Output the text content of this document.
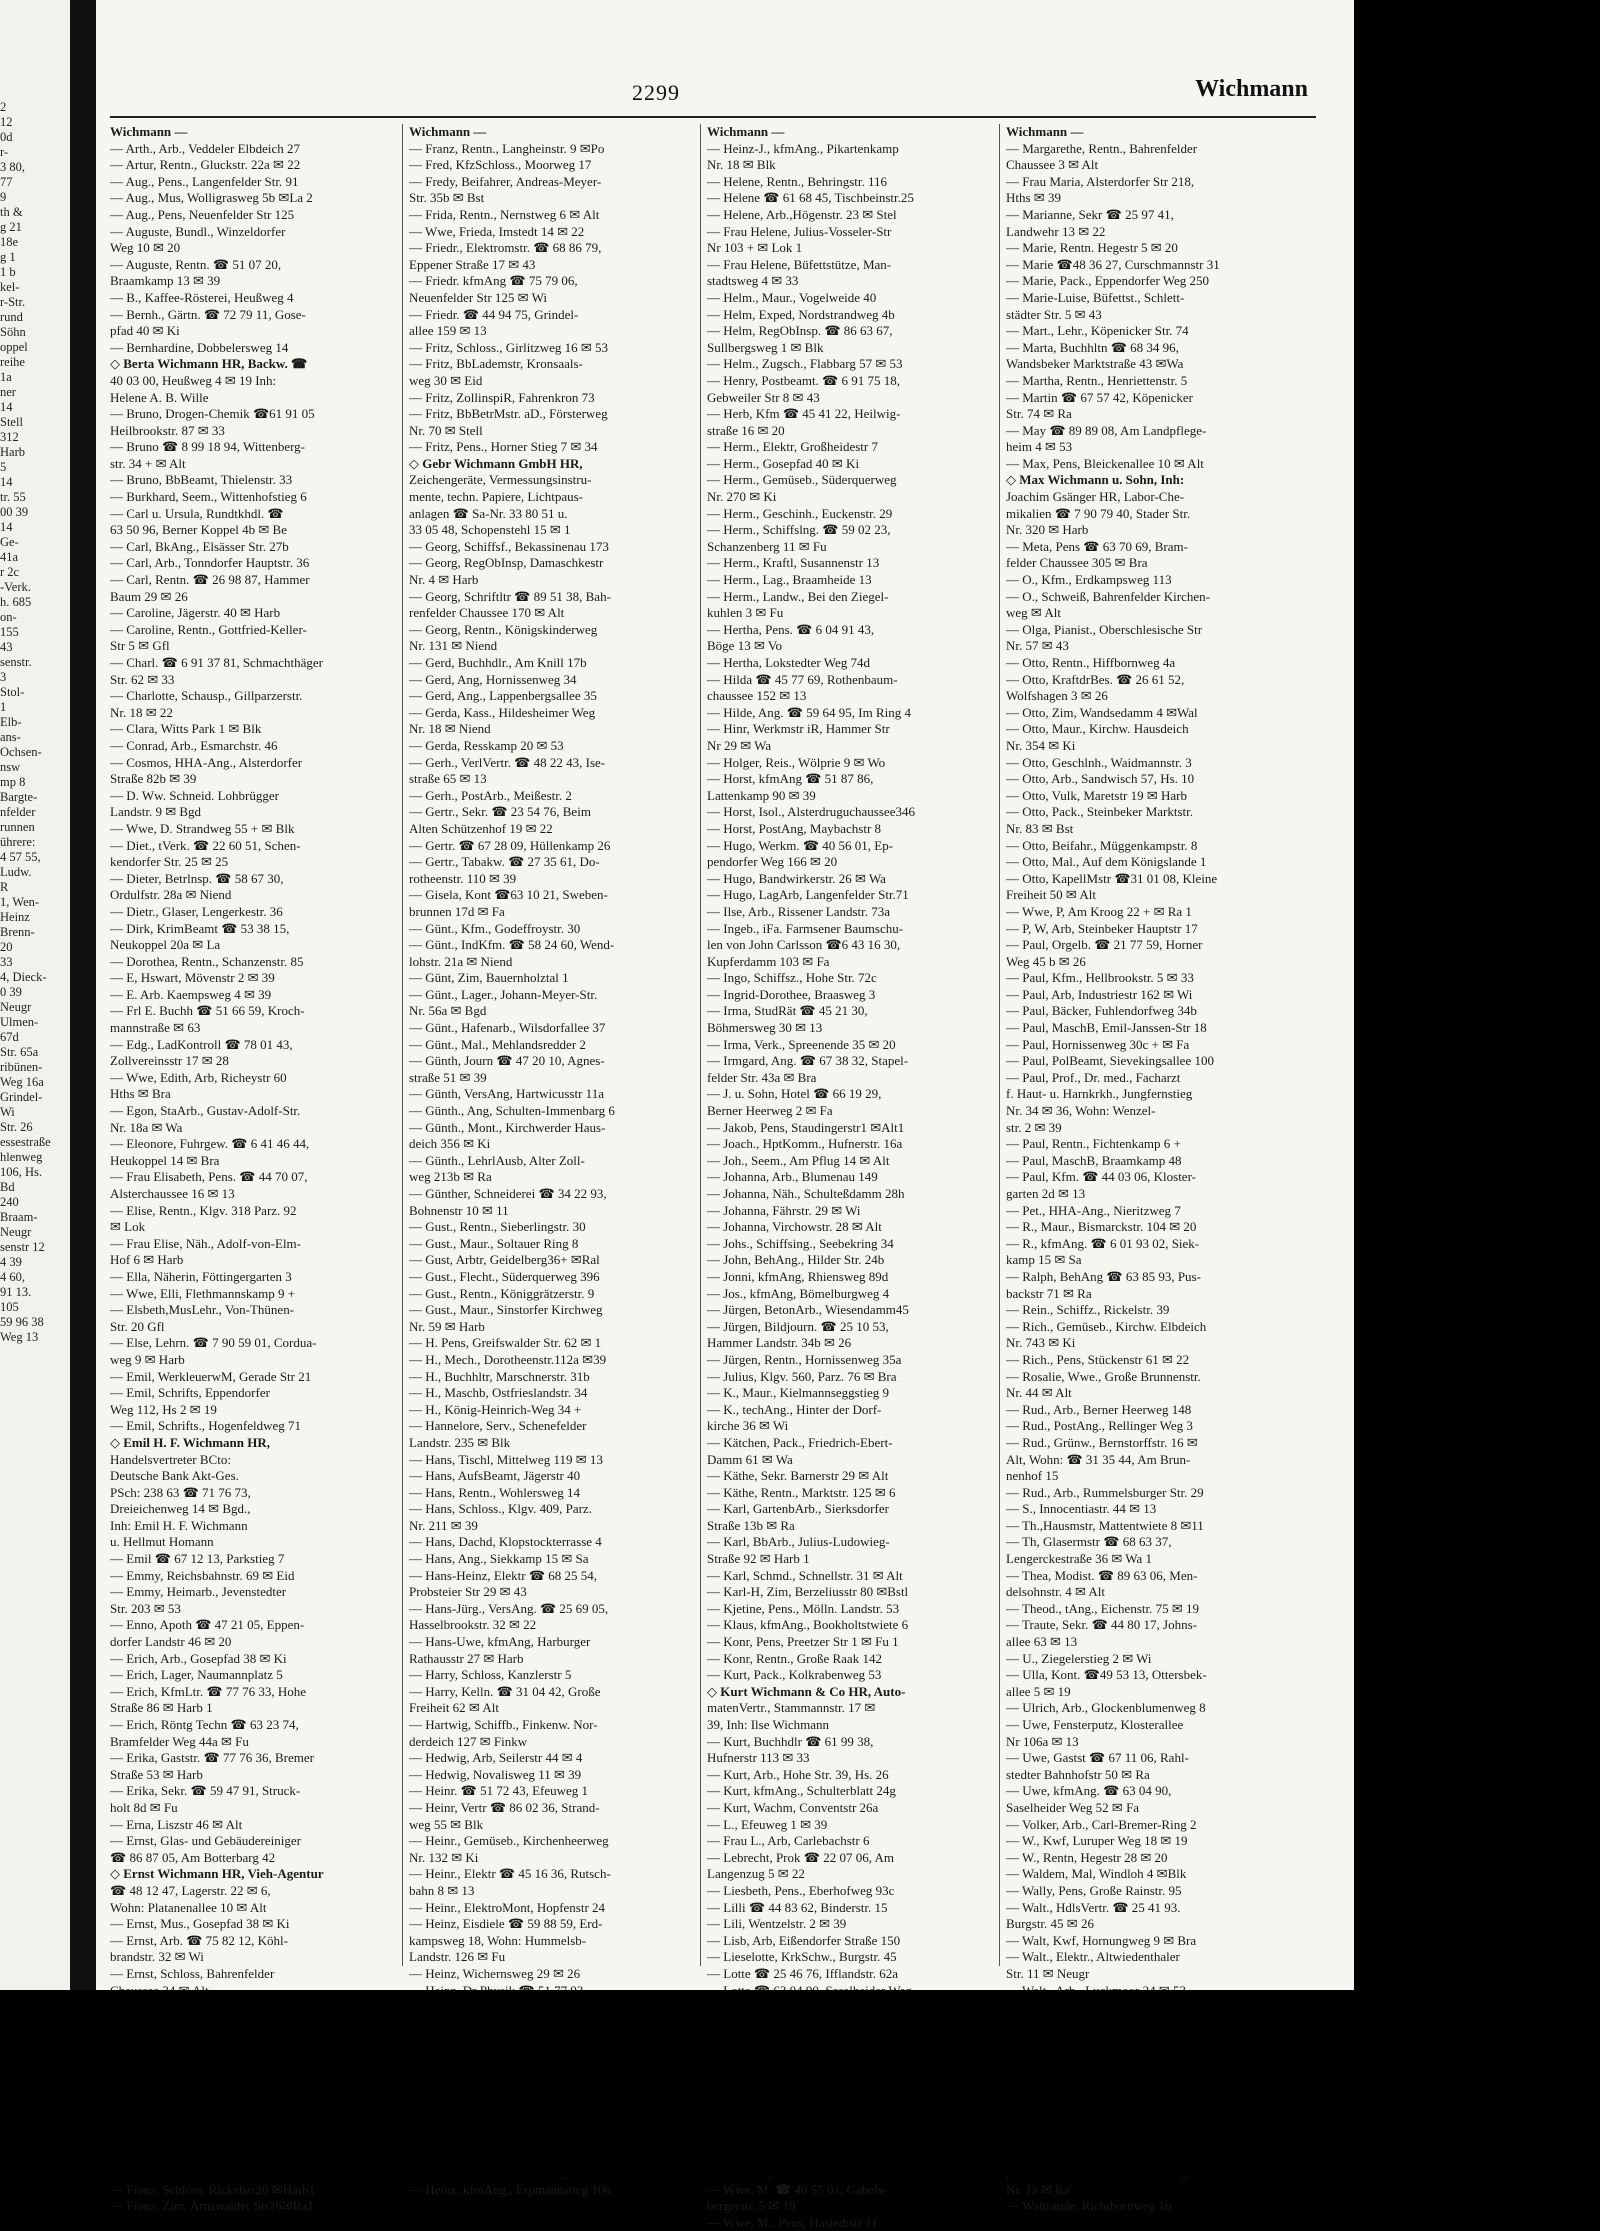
2
12
0d
r-
3 80,
77
9
th &
g 21
18e
g 1
1 b
kel-
r-Str.
rund
Söhn
oppel
reihe
1a
ner
14
Stell
312
Harb
5
14
tr. 55
00 39
14
Ge-
41a
r 2c
-Verk.
h. 685
on-
155
43
senstr.
3
Stol-
1
Elb-
ans-
Ochsen-
nsw
mp 8
Bargte-
nfelder
runnen
ührere:
4 57 55,
Ludw.
R
1, Wen-
Heinz
Brenn-
20
33
4, Dieck-
0 39
Neugr
Ulmen-
67d
Str. 65a
ribünen-
Weg 16a
Grindel-
Wi
Str. 26
essestraße
hlenweg
106, Hs.
Bd
240
Braam-
Neugr
senstr 12
4 39
4 60,
91 13.
105
59 96 38
Weg 13
2299	Wichmann
Wichmann —
— Arth., Arb., Veddeler Elbdeich 27
— Artur, Rentn., Gluckstr. 22a ✉ 22
— Aug., Pens., Langenfelder Str. 91
— Aug., Mus, Wolligrasweg 5b ✉La 2
— Aug., Pens, Neuenfelder Str 125
— Auguste, Bundl., Winzeldorfer
Weg 10 ✉ 20
— Auguste, Rentn. ☎ 51 07 20,
Braamkamp 13 ✉ 39
— B., Kaffee-Rösterei, Heußweg 4
— Bernh., Gärtn. ☎ 72 79 11, Gose-
pfad 40 ✉ Ki
— Bernhardine, Dobbelersweg 14
◇ Berta Wichmann HR, Backw. ☎
40 03 00, Heußweg 4 ✉ 19 Inh:
Helene A. B. Wille
— Bruno, Drogen-Chemik ☎61 91 05
Heilbrookstr. 87 ✉ 33
— Bruno ☎ 8 99 18 94, Wittenberg-
str. 34 + ✉ Alt
— Bruno, BbBeamt, Thielenstr. 33
— Burkhard, Seem., Wittenhofstieg 6
— Carl u. Ursula, Rundtkhdl. ☎
63 50 96, Berner Koppel 4b ✉ Be
— Carl, BkAng., Elsässer Str. 27b
— Carl, Arb., Tonndorfer Hauptstr. 36
— Carl, Rentn. ☎ 26 98 87, Hammer
Baum 29 ✉ 26
— Caroline, Jägerstr. 40 ✉ Harb
— Caroline, Rentn., Gottfried-Keller-
Str 5 ✉ Gfl
— Charl. ☎ 6 91 37 81, Schmachthäger
Str. 62 ✉ 33
— Charlotte, Schausp., Gillparzerstr.
Nr. 18 ✉ 22
— Clara, Witts Park 1 ✉ Blk
— Conrad, Arb., Esmarchstr. 46
— Cosmos, HHA-Ang., Alsterdorfer
Straße 82b ✉ 39
— D. Ww. Schneid. Lohbrügger
Landstr. 9 ✉ Bgd
— Wwe, D. Strandweg 55 + ✉ Blk
— Diet., tVerk. ☎ 22 60 51, Schen-
kendorfer Str. 25 ✉ 25
— Dieter, Betrlnsp. ☎ 58 67 30,
Ordulfstr. 28a ✉ Niend
— Dietr., Glaser, Lengerkestr. 36
— Dirk, KrimBeamt ☎ 53 38 15,
Neukoppel 20a ✉ La
— Dorothea, Rentn., Schanzenstr. 85
— E, Hswart, Mövenstr 2 ✉ 39
— E. Arb. Kaempsweg 4 ✉ 39
— Frl E. Buchh ☎ 51 66 59, Kroch-
mannstraße ✉ 63
— Edg., LadKontroll ☎ 78 01 43,
Zollvereinsstr 17 ✉ 28
— Wwe, Edith, Arb, Richeystr 60
Hths ✉ Bra
— Egon, StaArb., Gustav-Adolf-Str.
Nr. 18a ✉ Wa
— Eleonore, Fuhrgew. ☎ 6 41 46 44,
Heukoppel 14 ✉ Bra
— Frau Elisabeth, Pens. ☎ 44 70 07,
Alsterchaussee 16 ✉ 13
— Elise, Rentn., Klgv. 318 Parz. 92
✉ Lok
— Frau Elise, Näh., Adolf-von-Elm-
Hof 6 ✉ Harb
— Ella, Näherin, Föttingergarten 3
— Wwe, Elli, Flethmannskamp 9 +
— Elsbeth,MusLehr., Von-Thünen-
Str. 20 Gfl
— Else, Lehrn. ☎ 7 90 59 01, Cordua-
weg 9 ✉ Harb
— Emil, WerkleuerwM, Gerade Str 21
— Emil, Schrifts, Eppendorfer
Weg 112, Hs 2 ✉ 19
— Emil, Schrifts., Hogenfeldweg 71
◇ Emil H. F. Wichmann HR,
Handelsvertreter BCto:
Deutsche Bank Akt-Ges.
PSch: 238 63 ☎ 71 76 73,
Dreieichenweg 14 ✉ Bgd.,
Inh: Emil H. F. Wichmann
u. Hellmut Homann
— Emil ☎ 67 12 13, Parkstieg 7
— Emmy, Reichsbahnstr. 69 ✉ Eid
— Emmy, Heimarb., Jevenstedter
Str. 203 ✉ 53
— Enno, Apoth ☎ 47 21 05, Eppen-
dorfer Landstr 46 ✉ 20
— Erich, Arb., Gosepfad 38 ✉ Ki
— Erich, Lager, Naumannplatz 5
— Erich, KfmLtr. ☎ 77 76 33, Hohe
Straße 86 ✉ Harb 1
— Erich, Röntg Techn ☎ 63 23 74,
Bramfelder Weg 44a ✉ Fu
— Erika, Gaststr. ☎ 77 76 36, Bremer
Straße 53 ✉ Harb
— Erika, Sekr. ☎ 59 47 91, Struck-
holt 8d ✉ Fu
— Erna, Liszstr 46 ✉ Alt
— Ernst, Glas- und Gebäudereiniger
☎ 86 87 05, Am Botterbarg 42
◇ Ernst Wichmann HR, Vieh-Agentur
☎ 48 12 47, Lagerstr. 22 ✉ 6,
Wohn: Platanenallee 10 ✉ Alt
— Ernst, Mus., Gosepfad 38 ✉ Ki
— Ernst, Arb. ☎ 75 82 12, Köhl-
brandstr. 32 ✉ Wi
— Ernst, Schloss, Bahrenfelder
— Franz, Schloss, Rickelstr20 ✉Harb1
— Franz, Zim, Arnswalder Str26✉Ra1
Wichmann —
— Franz, Rentn., Langheinstr. 9 ✉Po
— Fred, KfzSchloss., Moorweg 17
— Fredy, Beifahrer, Andreas-Meyer-
Str. 35b ✉ Bst
— Frida, Rentn., Nernstweg 6 ✉ Alt
— Wwe, Frieda, Imstedt 14 ✉ 22
— Friedr., Elektromstr. ☎ 68 86 79,
Eppener Straße 17 ✉ 43
— Friedr. kfmAng ☎ 75 79 06,
Neuenfelder Str 125 ✉ Wi
— Friedr. ☎ 44 94 75, Grindel-
allee 159 ✉ 13
— Fritz, Schloss., Girlitzweg 16 ✉ 53
— Fritz, BbLademstr, Kronsaals-
weg 30 ✉ Eid
— Fritz, ZollinspiR, Fahrenkron 73
— Fritz, BbBetrMstr. aD., Försterweg
Nr. 70 ✉ Stell
— Fritz, Pens., Horner Stieg 7 ✉ 34
◇ Gebr Wichmann GmbH HR,
Zeichengeräte, Vermessungsinstru-
mente, techn. Papiere, Lichtpaus-
anlagen ☎ Sa-Nr. 33 80 51 u.
33 05 48, Schopenstehl 15 ✉ 1
— Georg, Schiffsf., Bekassinenau 173
— Georg, RegObInsp, Damaschkestr
Nr. 4 ✉ Harb
— Georg, Schriftltr ☎ 89 51 38, Bah-
renfelder Chaussee 170 ✉ Alt
— Georg, Rentn., Königskinderweg
Nr. 131 ✉ Niend
— Gerd, Buchhdlr., Am Knill 17b
— Gerd, Ang, Hornissenweg 34
— Gerd, Ang., Lappenbergsallee 35
— Gerda, Kass., Hildesheimer Weg
Nr. 18 ✉ Niend
— Gerda, Resskamp 20 ✉ 53
— Gerh., VerlVertr. ☎ 48 22 43, Ise-
straße 65 ✉ 13
— Gerh., PostArb., Meißestr. 2
— Gertr., Sekr. ☎ 23 54 76, Beim
Alten Schützenhof 19 ✉ 22
— Gertr. ☎ 67 28 09, Hüllenkamp 26
— Gertr., Tabakw. ☎ 27 35 61, Do-
rotheenstr. 110 ✉ 39
— Gisela, Kont ☎63 10 21, Sweben-
brunnen 17d ✉ Fa
— Günt., Kfm., Godeffroystr. 30
— Günt., IndKfm. ☎ 58 24 60, Wend-
lohstr. 21a ✉ Niend
— Günt, Zim, Bauernholztal 1
— Günt., Lager., Johann-Meyer-Str.
Nr. 56a ✉ Bgd
— Günt., Hafenarb., Wilsdorfallee 37
— Günt., Mal., Mehlandsredder 2
— Günth, Journ ☎ 47 20 10, Agnes-
straße 51 ✉ 39
— Günth, VersAng, Hartwicusstr 11a
— Günth., Ang, Schulten-Immenbarg 6
— Günth., Mont., Kirchwerder Haus-
deich 356 ✉ Ki
— Günth., LehrlAusb, Alter Zoll-
weg 213b ✉ Ra
— Günther, Schneiderei ☎ 34 22 93,
Bohnenstr 10 ✉ 11
— Gust., Rentn., Sieberlingstr. 30
— Gust., Maur., Soltauer Ring 8
— Gust, Arbtr, Geidelberg36+ ✉Ral
— Gust., Flecht., Süderquerweg 396
— Gust., Rentn., Königgrätzerstr. 9
— Gust., Maur., Sinstorfer Kirchweg
Nr. 59 ✉ Harb
— H. Pens, Greifswalder Str. 62 ✉ 1
— H., Mech., Dorotheenstr.112a ✉39
— H., Buchhltr, Marschnerstr. 31b
— H., Maschb, Ostfrieslandstr. 34
— H., König-Heinrich-Weg 34 +
— Hannelore, Serv., Schenefelder
Landstr. 235 ✉ Blk
— Hans, Tischl, Mittelweg 119 ✉ 13
— Hans, AufsBeamt, Jägerstr 40
— Hans, Rentn., Wohlersweg 14
— Hans, Schloss., Klgv. 409, Parz.
Nr. 211 ✉ 39
— Hans, Dachd, Klopstockterrasse 4
— Hans, Ang., Siekkamp 15 ✉ Sa
— Hans-Heinz, Elektr ☎ 68 25 54,
Probsteier Str 29 ✉ 43
— Hans-Jürg., VersAng. ☎ 25 69 05,
Hasselbrookstr. 32 ✉ 22
— Hans-Uwe, kfmAng, Harburger
Rathausstr 27 ✉ Harb
— Harry, Schloss, Kanzlerstr 5
— Harry, Kelln. ☎ 31 04 42, Große
Freiheit 62 ✉ Alt
— Hartwig, Schiffb., Finkenw. Nor-
derdeich 127 ✉ Finkw
— Hedwig, Arb, Seilerstr 44 ✉ 4
— Hedwig, Novalisweg 11 ✉ 39
— Heinr. ☎ 51 72 43, Efeuweg 1
— Heinr, Vertr ☎ 86 02 36, Strand-
weg 55 ✉ Blk
— Heinr., Gemüseb., Kirchenheerweg
Nr. 132 ✉ Ki
— Heinr., Elektr ☎ 45 16 36, Rutsch-
bahn 8 ✉ 13
— Heinr., ElektroMont, Hopfenstr 24
— Heinz, Eisdiele ☎ 59 88 59, Erd-
kampsweg 18, Wohn: Hummelsb-
Landstr. 126 ✉ Fu
— Heinz, Wichernsweg 29 ✉ 26
— Heinz, kfmAng., Erpmannstieg 10b
Wichmann —
— Heinz-J., kfmAng., Pikartenkamp
Nr. 18 ✉ Blk
— Helene, Rentn., Behringstr. 116
— Helene ☎ 61 68 45, Tischbeinstr.25
— Helene, Arb.,Högenstr. 23 ✉ Stel
— Frau Helene, Julius-Vosseler-Str
Nr 103 + ✉ Lok 1
— Frau Helene, Büfettstütze, Man-
stadtsweg 4 ✉ 33
— Helm., Maur., Vogelweide 40
— Helm, Exped, Nordstrandweg 4b
— Helm, RegObInsp. ☎ 86 63 67,
Sullbergsweg 1 ✉ Blk
— Helm., Zugsch., Flabbarg 57 ✉ 53
— Henry, Postbeamt. ☎ 6 91 75 18,
Gebweiler Str 8 ✉ 43
— Herb, Kfm ☎ 45 41 22, Heilwig-
straße 16 ✉ 20
— Herm., Elektr, Großheidestr 7
— Herm., Gosepfad 40 ✉ Ki
— Herm., Gemüseb., Süderquerweg
Nr. 270 ✉ Ki
— Herm., Geschinh., Euckenstr. 29
— Herm., Schiffslng. ☎ 59 02 23,
Schanzenberg 11 ✉ Fu
— Herm., Kraftl, Susannenstr 13
— Herm., Lag., Braamheide 13
— Herm., Landw., Bei den Ziegel-
kuhlen 3 ✉ Fu
— Hertha, Pens. ☎ 6 04 91 43,
Böge 13 ✉ Vo
— Hertha, Lokstedter Weg 74d
— Hilda ☎ 45 77 69, Rothenbaum-
chaussee 152 ✉ 13
— Hilde, Ang. ☎ 59 64 95, Im Ring 4
— Hinr, Werkmstr iR, Hammer Str
Nr 29 ✉ Wa
— Holger, Reis., Wölprie 9 ✉ Wo
— Horst, kfmAng ☎ 51 87 86,
Lattenkamp 90 ✉ 39
— Horst, Isol., Alsterdruguchaussee346
— Horst, PostAng, Maybachstr 8
— Hugo, Werkm. ☎ 40 56 01, Ep-
pendorfer Weg 166 ✉ 20
— Hugo, Bandwirkerstr. 26 ✉ Wa
— Hugo, LagArb, Langenfelder Str.71
— Ilse, Arb., Rissener Landstr. 73a
— Ingeb., iFa. Farmsener Baumschu-
len von John Carlsson ☎6 43 16 30,
Kupferdamm 103 ✉ Fa
— Ingo, Schiffsz., Hohe Str. 72c
— Ingrid-Dorothee, Braasweg 3
— Irma, StudRät ☎ 45 21 30,
Böhmersweg 30 ✉ 13
— Irma, Verk., Spreenende 35 ✉ 20
— Irmgard, Ang. ☎ 67 38 32, Stapel-
felder Str. 43a ✉ Bra
— J. u. Sohn, Hotel ☎ 66 19 29,
Berner Heerweg 2 ✉ Fa
— Jakob, Pens, Staudingerstr1 ✉Alt1
— Joach., HptKomm., Hufnerstr. 16a
— Joh., Seem., Am Pflug 14 ✉ Alt
— Johanna, Arb., Blumenau 149
— Johanna, Näh., Schulteßdamm 28h
— Johanna, Fährstr. 29 ✉ Wi
— Johanna, Virchowstr. 28 ✉ Alt
— Johs., Schiffsing., Seebekring 34
— John, BehAng., Hilder Str. 24b
— Jonni, kfmAng, Rhiensweg 89d
— Jos., kfmAng, Bömelburgweg 4
— Jürgen, BetonArb., Wiesendamm45
— Jürgen, Bildjourn. ☎ 25 10 53,
Hammer Landstr. 34b ✉ 26
— Jürgen, Rentn., Hornissenweg 35a
— Julius, Klgv. 560, Parz. 76 ✉ Bra
— K., Maur., Kielmannseggstieg 9
— K., techAng., Hinter der Dorf-
kirche 36 ✉ Wi
— Kätchen, Pack., Friedrich-Ebert-
Damm 61 ✉ Wa
— Käthe, Sekr. Barnerstr 29 ✉ Alt
— Käthe, Rentn., Marktstr. 125 ✉ 6
— Karl, GartenbArb., Sierksdorfer
Straße 13b ✉ Ra
— Karl, BbArb., Julius-Ludowieg-
Straße 92 ✉ Harb 1
— Karl, Schmd., Schnellstr. 31 ✉ Alt
— Karl-H, Zim, Berzeliusstr 80 ✉Bstl
— Kjetine, Pens., Mölln. Landstr. 53
— Klaus, kfmAng., Bookholtstwiete 6
— Konr, Pens, Preetzer Str 1 ✉ Fu 1
— Konr, Rentn., Große Raak 142
— Kurt, Pack., Kolkrabenweg 53
◇ Kurt Wichmann & Co HR, Auto-
matenVertr., Stammannstr. 17 ✉
39, Inh: Ilse Wichmann
— Kurt, Buchhdlr ☎ 61 99 38,
Hufnerstr 113 ✉ 33
— Kurt, Arb., Hohe Str. 39, Hs. 26
— Kurt, kfmAng., Schulterblatt 24g
— Kurt, Wachm, Conventstr 26a
— L., Efeuweg 1 ✉ 39
— Frau L., Arb, Carlebachstr 6
— Lebrecht, Prok ☎ 22 07 06, Am
Langenzug 5 ✉ 22
— Liesbeth, Pens., Eberhofweg 93c
— Lilli ☎ 44 83 62, Binderstr. 15
— Lili, Wentzelstr. 2 ✉ 39
— Lisb, Arb, Eißendorfer Straße 150
— Lieselotte, KrkSchw., Burgstr. 45
— Lotte ☎ 25 46 76, Ifflandstr. 62a
— Wwe, M. ☎ 40 55 01, Gabels-
bergerstr. 5 ✉ 19
— Wwe, M., Pens, Hastedtstr 11
Wichmann —
— Margarethe, Rentn., Bahrenfelder
Chaussee 3 ✉ Alt
— Frau Maria, Alsterdorfer Str 218,
Hths ✉ 39
— Marianne, Sekr ☎ 25 97 41,
Landwehr 13 ✉ 22
— Marie, Rentn. Hegestr 5 ✉ 20
— Marie ☎48 36 27, Curschmannstr 31
— Marie, Pack., Eppendorfer Weg 250
— Marie-Luise, Büfettst., Schlett-
städter Str. 5 ✉ 43
— Mart., Lehr., Köpenicker Str. 74
— Marta, Buchhltn ☎ 68 34 96,
Wandsbeker Marktstraße 43 ✉Wa
— Martha, Rentn., Henriettenstr. 5
— Martin ☎ 67 57 42, Köpenicker
Str. 74 ✉ Ra
— May ☎ 89 89 08, Am Landpflege-
heim 4 ✉ 53
— Max, Pens, Bleickenallee 10 ✉ Alt
◇ Max Wichmann u. Sohn, Inh:
Joachim Gsänger HR, Labor-Che-
mikalien ☎ 7 90 79 40, Stader Str.
Nr. 320 ✉ Harb
— Meta, Pens ☎ 63 70 69, Bram-
felder Chaussee 305 ✉ Bra
— O., Kfm., Erdkampsweg 113
— O., Schweiß, Bahrenfelder Kirchen-
weg ✉ Alt
— Olga, Pianist., Oberschlesische Str
Nr. 57 ✉ 43
— Otto, Rentn., Hiffbornweg 4a
— Otto, KraftdrBes. ☎ 26 61 52,
Wolfshagen 3 ✉ 26
— Otto, Zim, Wandsedamm 4 ✉Wal
— Otto, Maur., Kirchw. Hausdeich
Nr. 354 ✉ Ki
— Otto, Geschlnh., Waidmannstr. 3
— Otto, Arb., Sandwisch 57, Hs. 10
— Otto, Vulk, Maretstr 19 ✉ Harb
— Otto, Pack., Steinbeker Marktstr.
Nr. 83 ✉ Bst
— Otto, Beifahr., Müggenkampstr. 8
— Otto, Mal., Auf dem Königslande 1
— Otto, KapellMstr ☎31 01 08, Kleine
Freiheit 50 ✉ Alt
— Wwe, P, Am Kroog 22 + ✉ Ra 1
— P, W, Arb, Steinbeker Hauptstr 17
— Paul, Orgelb. ☎ 21 77 59, Horner
Weg 45 b ✉ 26
— Paul, Kfm., Hellbrookstr. 5 ✉ 33
— Paul, Arb, Industriestr 162 ✉ Wi
— Paul, Bäcker, Fuhlendorfweg 34b
— Paul, MaschB, Emil-Janssen-Str 18
— Paul, Hornissenweg 30c + ✉ Fa
— Paul, PolBeamt, Sievekingsallee 100
— Paul, Prof., Dr. med., Facharzt
f. Haut- u. Harnkrkh., Jungfernstieg
Nr. 34 ✉ 36, Wohn: Wenzel-
str. 2 ✉ 39
— Paul, Rentn., Fichtenkamp 6 +
— Paul, MaschB, Braamkamp 48
— Paul, Kfm. ☎ 44 03 06, Kloster-
garten 2d ✉ 13
— Pet., HHA-Ang., Nieritzweg 7
— R., Maur., Bismarckstr. 104 ✉ 20
— R., kfmAng. ☎ 6 01 93 02, Siek-
kamp 15 ✉ Sa
— Ralph, BehAng ☎ 63 85 93, Pus-
backstr 71 ✉ Ra
— Rein., Schiffz., Rickelstr. 39
— Rich., Gemüseb., Kirchw. Elbdeich
Nr. 743 ✉ Ki
— Rich., Pens, Stückenstr 61 ✉ 22
— Rosalie, Wwe., Große Brunnenstr.
Nr. 44 ✉ Alt
— Rud., Arb., Berner Heerweg 148
— Rud., PostAng., Rellinger Weg 3
— Rud., Grünw., Bernstorffstr. 16 ✉
Alt, Wohn: ☎ 31 35 44, Am Brun-
nenhof 15
— Rud., Arb., Rummelsburger Str. 29
— S., Innocentiastr. 44 ✉ 13
— Th.,Hausmstr, Mattentwiete 8 ✉11
— Th, Glasermstr ☎ 68 63 37,
Lengerckestraße 36 ✉ Wa 1
— Thea, Modist. ☎ 89 63 06, Men-
delsohnstr. 4 ✉ Alt
— Theod., tAng., Eichenstr. 75 ✉ 19
— Traute, Sekr. ☎ 44 80 17, Johns-
allee 63 ✉ 13
— U., Ziegelerstieg 2 ✉ Wi
— Ulla, Kont. ☎49 53 13, Ottersbek-
allee 5 ✉ 19
— Ulrich, Arb., Glockenblumenweg 8
— Uwe, Fensterputz, Klosterallee
Nr 106a ✉ 13
— Uwe, Gastst ☎ 67 11 06, Rahl-
stedter Bahnhofstr 50 ✉ Ra
— Uwe, kfmAng. ☎ 63 04 90,
Saselheider Weg 52 ✉ Fa
— Volker, Arb., Carl-Bremer-Ring 2
— W., Kwf, Luruper Weg 18 ✉ 19
— W., Rentn, Hegestr 28 ✉ 20
— Waldem, Mal, Windloh 4 ✉Blk
— Wally, Pens, Große Rainstr. 95
— Walt., HdlsVertr. ☎ 25 41 93.
Burgstr. 45 ✉ 26
— Walt, Kwf, Hornungweg 9 ✉ Bra
— Walt., Elektr., Altwiedenthaler
Str. 11 ✉ Neugr
Nr. 1a ✉ Ra
— Waltraude, Richtbornweg 1b
